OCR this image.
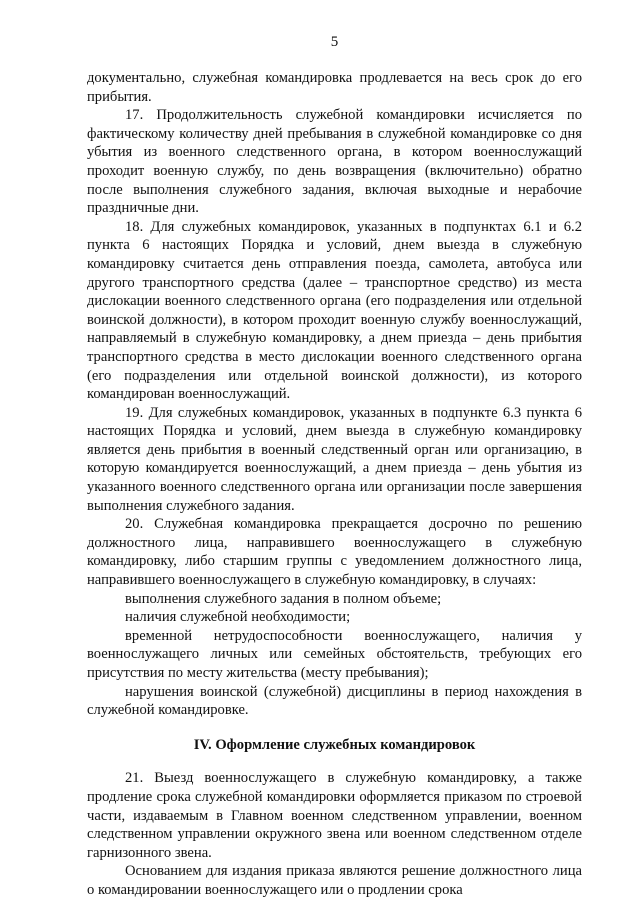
5

документально, служебная командировка продлевается на весь срок до его прибытия.

17. Продолжительность служебной командировки исчисляется по фактическому количеству дней пребывания в служебной командировке со дня убытия из военного следственного органа, в котором военнослужащий проходит военную службу, по день возвращения (включительно) обратно после выполнения служебного задания, включая выходные и нерабочие праздничные дни.

18. Для служебных командировок, указанных в подпунктах 6.1 и 6.2 пункта 6 настоящих Порядка и условий, днем выезда в служебную командировку считается день отправления поезда, самолета, автобуса или другого транспортного средства (далее – транспортное средство) из места дислокации военного следственного органа (его подразделения или отдельной воинской должности), в котором проходит военную службу военнослужащий, направляемый в служебную командировку, а днем приезда – день прибытия транспортного средства в место дислокации военного следственного органа (его подразделения или отдельной воинской должности), из которого командирован военнослужащий.

19. Для служебных командировок, указанных в подпункте 6.3 пункта 6 настоящих Порядка и условий, днем выезда в служебную командировку является день прибытия в военный следственный орган или организацию, в которую командируется военнослужащий, а днем приезда – день убытия из указанного военного следственного органа или организации после завершения выполнения служебного задания.

20. Служебная командировка прекращается досрочно по решению должностного лица, направившего военнослужащего в служебную командировку, либо старшим группы с уведомлением должностного лица, направившего военнослужащего в служебную командировку, в случаях:

выполнения служебного задания в полном объеме;

наличия служебной необходимости;

временной нетрудоспособности военнослужащего, наличия у военнослужащего личных или семейных обстоятельств, требующих его присутствия по месту жительства (месту пребывания);

нарушения воинской (служебной) дисциплины в период нахождения в служебной командировке.

IV. Оформление служебных командировок

21. Выезд военнослужащего в служебную командировку, а также продление срока служебной командировки оформляется приказом по строевой части, издаваемым в Главном военном следственном управлении, военном следственном управлении окружного звена или военном следственном отделе гарнизонного звена.

Основанием для издания приказа являются решение должностного лица о командировании военнослужащего или о продлении срока
